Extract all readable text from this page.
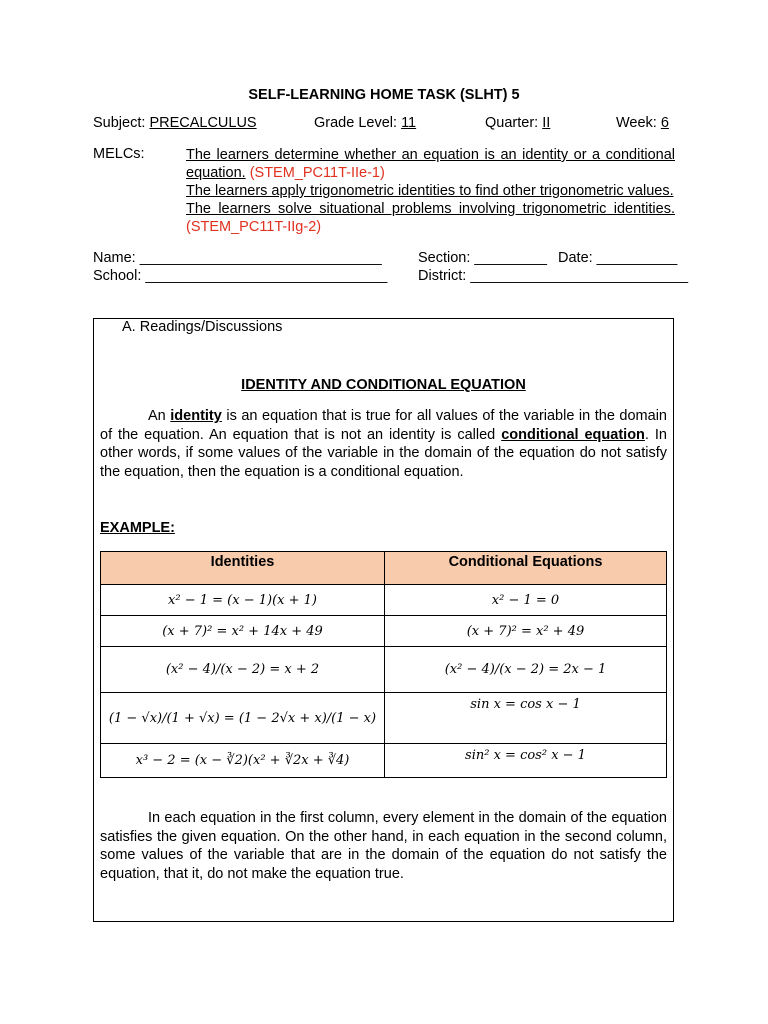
SELF-LEARNING HOME TASK (SLHT) 5
Subject: PRECALCULUS	Grade Level: 11	Quarter: II	Week: 6
MELCs:	The learners determine whether an equation is an identity or a conditional
equation. (STEM_PC11T-IIe-1)
The learners apply trigonometric identities to find other trigonometric values.
The learners solve situational problems involving trigonometric identities.
(STEM_PC11T-IIg-2)
Name: ______________________________	Section: _________ Date: __________
School: ______________________________ District: ___________________________
A. Readings/Discussions
IDENTITY AND CONDITIONAL EQUATION
An identity is an equation that is true for all values of the variable in the domain of the equation. An equation that is not an identity is called conditional equation. In other words, if some values of the variable in the domain of the equation do not satisfy the equation, then the equation is a conditional equation.
EXAMPLE:
Identities	Conditional Equations
x² − 1 = (x − 1)(x + 1)	x² − 1 = 0
(x + 7)² = x² + 14x + 49	(x + 7)² = x² + 49
(x² − 4)/(x − 2) = x + 2	(x² − 4)/(x − 2) = 2x − 1
(1 − √x)/(1 + √x) = (1 − 2√x + x)/(1 − x)	sin x = cos x − 1
x³ − 2 = (x − ∛2)(x² + ∛2x + ∛4)	sin² x = cos² x − 1
In each equation in the first column, every element in the domain of the equation satisfies the given equation. On the other hand, in each equation in the second column, some values of the variable that are in the domain of the equation do not satisfy the equation, that it, do not make the equation true.
